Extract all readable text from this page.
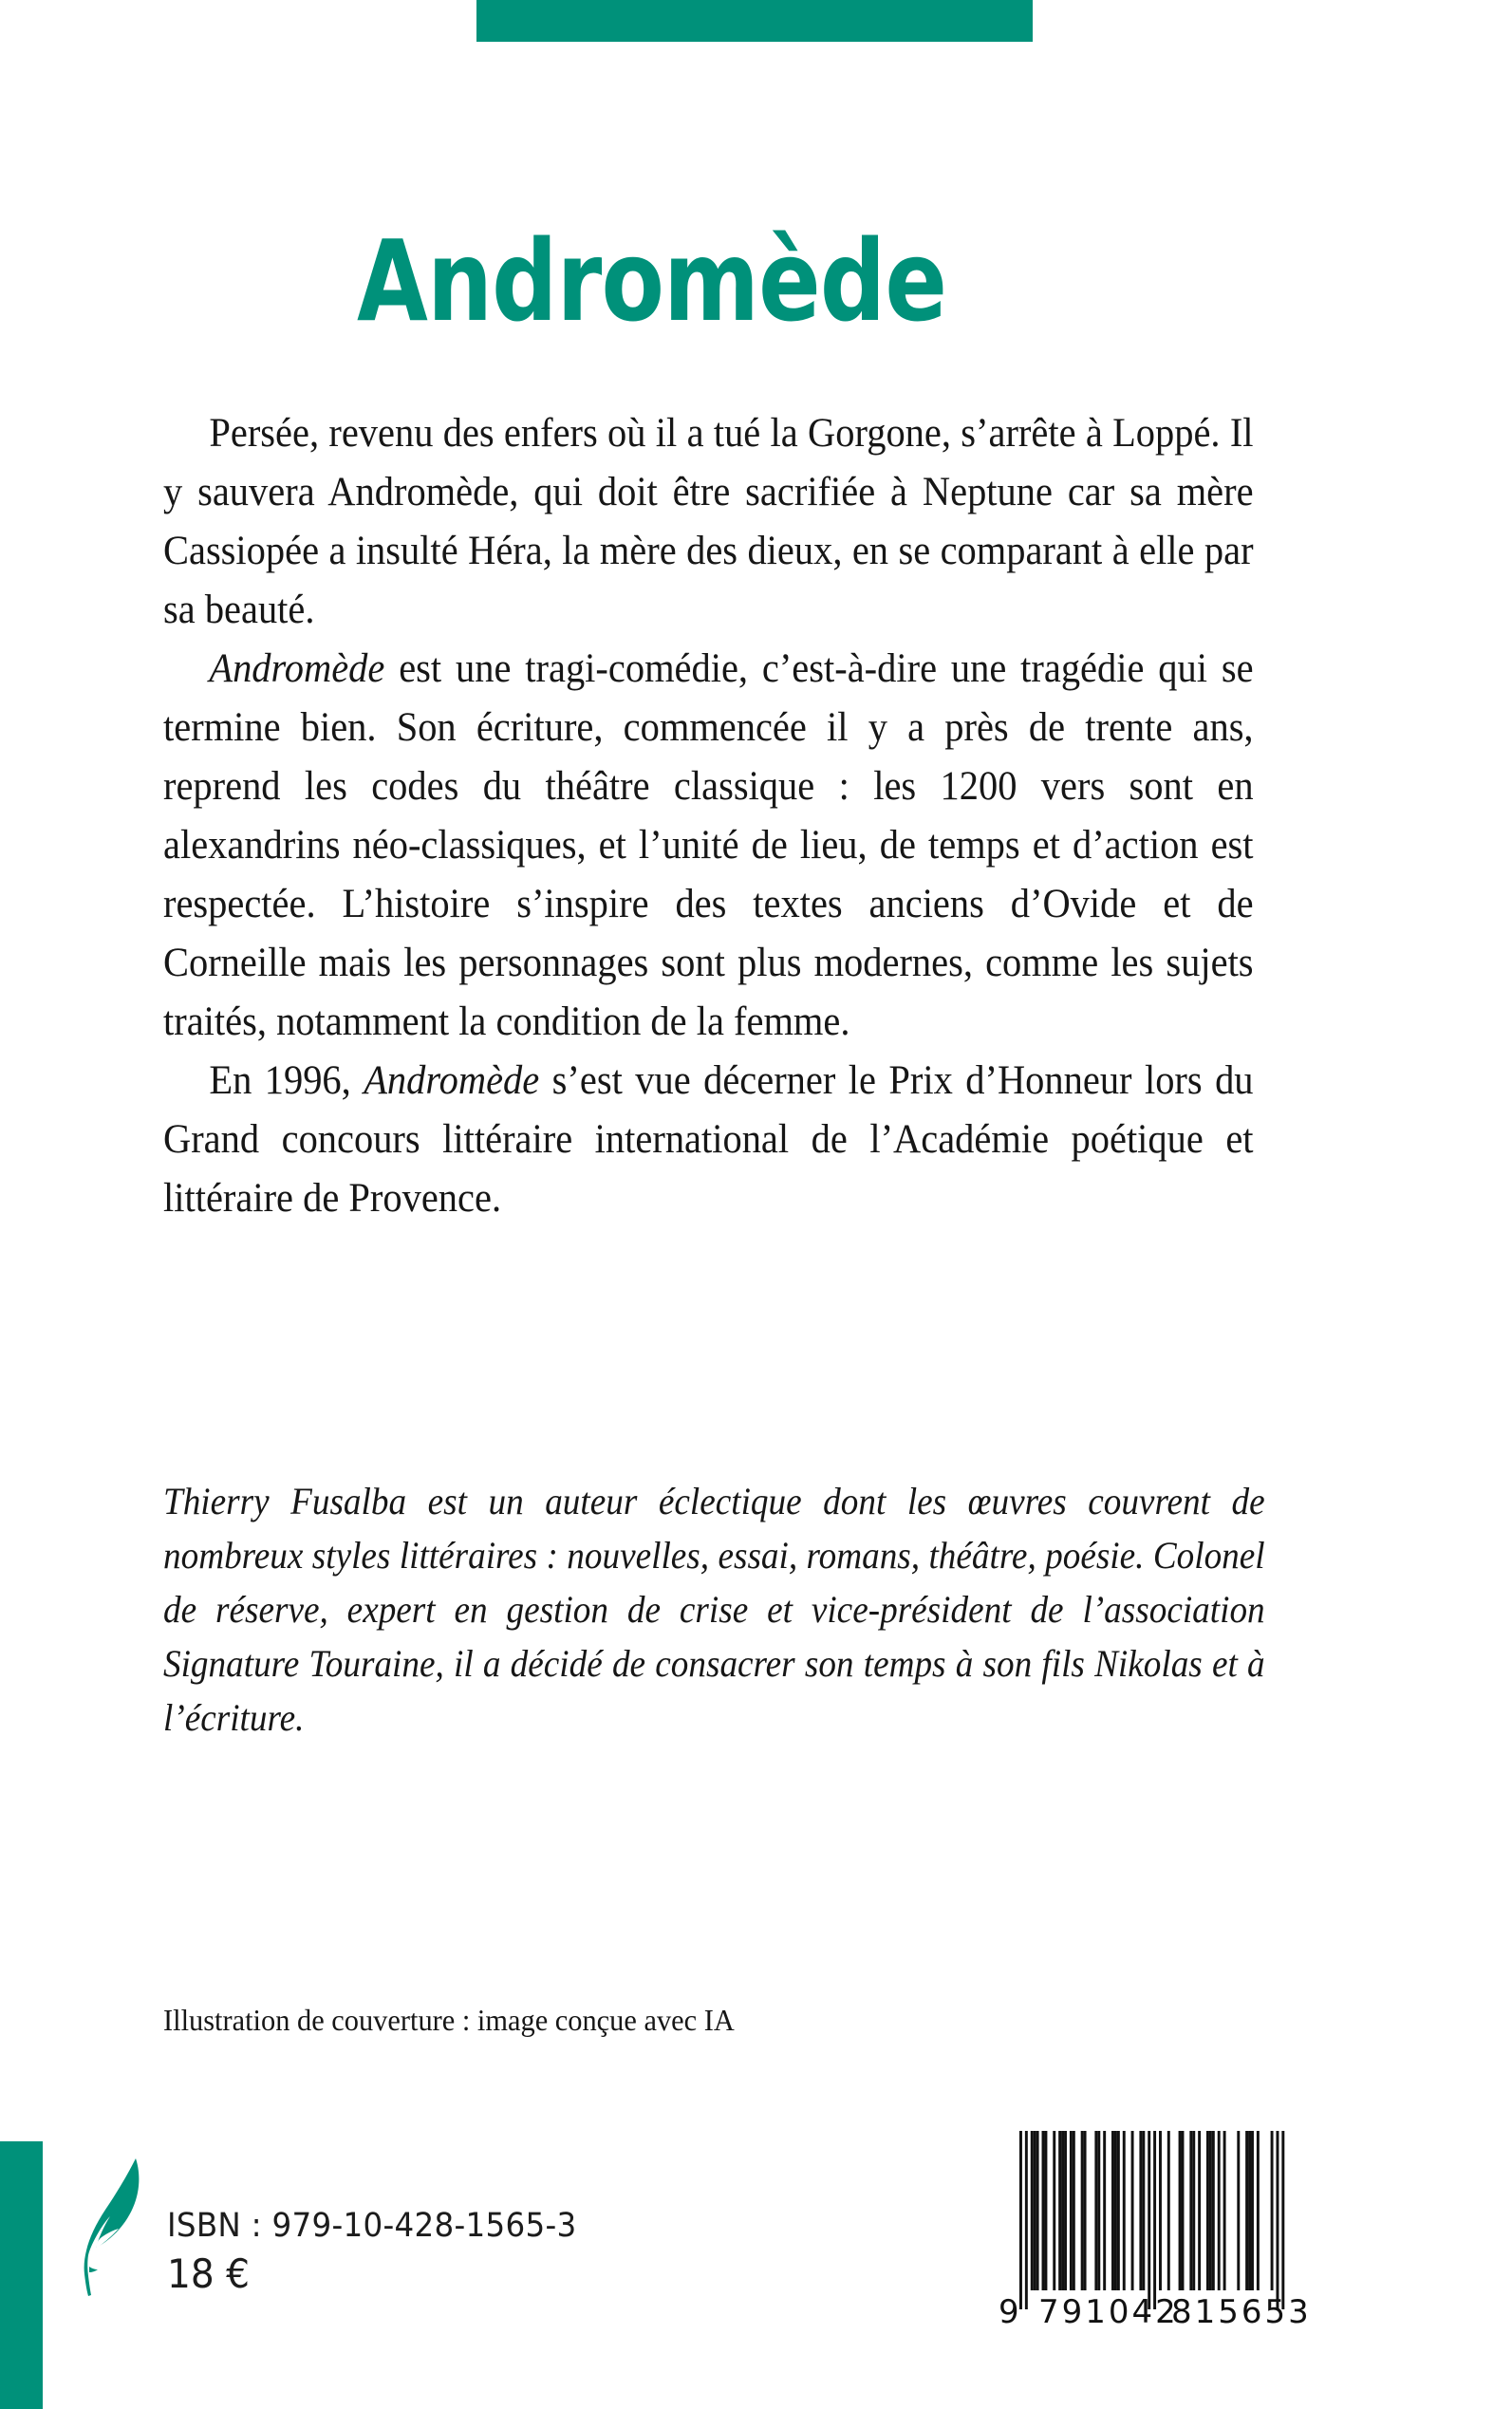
Andromède

Persée, revenu des enfers où il a tué la Gorgone, s’arrête à Loppé. Il y sauvera Andromède, qui doit être sacrifiée à Neptune car sa mère Cassiopée a insulté Héra, la mère des dieux, en se comparant à elle par sa beauté.

Andromède est une tragi-comédie, c’est-à-dire une tragédie qui se termine bien. Son écriture, commencée il y a près de trente ans, reprend les codes du théâtre classique : les 1200 vers sont en alexandrins néo-classiques, et l’unité de lieu, de temps et d’action est respectée. L’histoire s’inspire des textes anciens d’Ovide et de Corneille mais les personnages sont plus modernes, comme les sujets traités, notamment la condition de la femme.

En 1996, Andromède s’est vue décerner le Prix d’Honneur lors du Grand concours littéraire international de l’Académie poétique et littéraire de Provence.

Thierry Fusalba est un auteur éclectique dont les œuvres couvrent de nombreux styles littéraires : nouvelles, essai, romans, théâtre, poésie. Colonel de réserve, expert en gestion de crise et vice-président de l’association Signature Touraine, il a décidé de consacrer son temps à son fils Nikolas et à l’écriture.

Illustration de couverture : image conçue avec IA
ISBN : 979-10-428-1565-3
18 €
9 791042
815653
